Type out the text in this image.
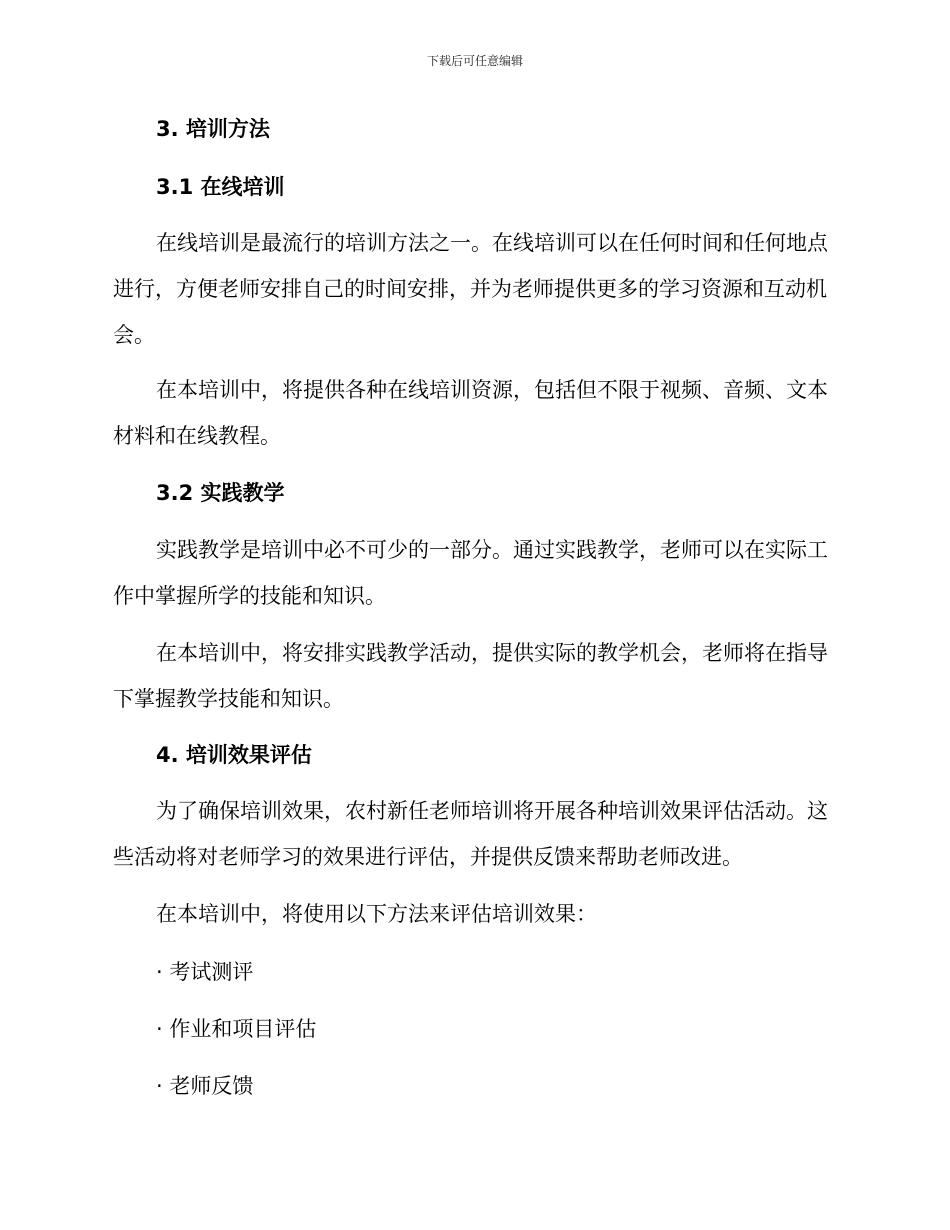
下载后可任意编辑
3. 培训方法
3.1 在线培训

在线培训是最流行的培训方法之一。在线培训可以在任何时间和任何地点进行，方便老师安排自己的时间安排，并为老师提供更多的学习资源和互动机会。

在本培训中，将提供各种在线培训资源，包括但不限于视频、音频、文本材料和在线教程。

3.2 实践教学

实践教学是培训中必不可少的一部分。通过实践教学，老师可以在实际工作中掌握所学的技能和知识。

在本培训中，将安排实践教学活动，提供实际的教学机会，老师将在指导下掌握教学技能和知识。

4. 培训效果评估

为了确保培训效果，农村新任老师培训将开展各种培训效果评估活动。这些活动将对老师学习的效果进行评估，并提供反馈来帮助老师改进。

在本培训中，将使用以下方法来评估培训效果：

· 考试测评
· 作业和项目评估
· 老师反馈
